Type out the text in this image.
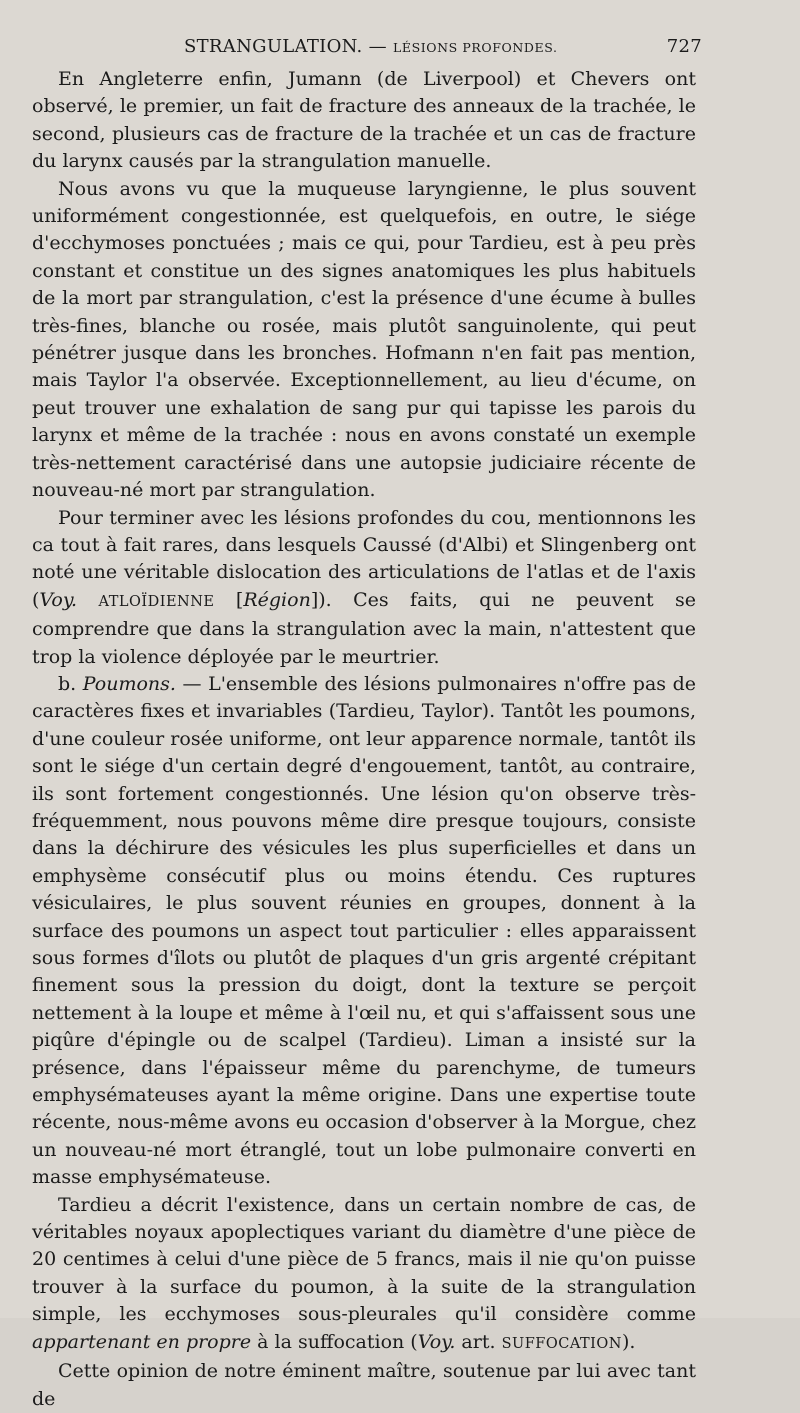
STRANGULATION. — LÉSIONS PROFONDES.	727

En Angleterre enfin, Jumann (de Liverpool) et Chevers ont observé, le premier, un fait de fracture des anneaux de la trachée, le second, plusieurs cas de fracture de la trachée et un cas de fracture du larynx causés par la strangulation manuelle.

Nous avons vu que la muqueuse laryngienne, le plus souvent uniformément congestionnée, est quelquefois, en outre, le siége d'ecchymoses ponctuées ; mais ce qui, pour Tardieu, est à peu près constant et constitue un des signes anatomiques les plus habituels de la mort par strangulation, c'est la présence d'une écume à bulles très-fines, blanche ou rosée, mais plutôt sanguinolente, qui peut pénétrer jusque dans les bronches. Hofmann n'en fait pas mention, mais Taylor l'a observée. Exceptionnellement, au lieu d'écume, on peut trouver une exhalation de sang pur qui tapisse les parois du larynx et même de la trachée : nous en avons constaté un exemple très-nettement caractérisé dans une autopsie judiciaire récente de nouveau-né mort par strangulation.

Pour terminer avec les lésions profondes du cou, mentionnons les ca tout à fait rares, dans lesquels Caussé (d'Albi) et Slingenberg ont noté une véritable dislocation des articulations de l'atlas et de l'axis (Voy. ATLOÏDIENNE [Région]). Ces faits, qui ne peuvent se comprendre que dans la strangulation avec la main, n'attestent que trop la violence déployée par le meurtrier.

b. Poumons. — L'ensemble des lésions pulmonaires n'offre pas de caractères fixes et invariables (Tardieu, Taylor). Tantôt les poumons, d'une couleur rosée uniforme, ont leur apparence normale, tantôt ils sont le siége d'un certain degré d'engouement, tantôt, au contraire, ils sont fortement congestionnés. Une lésion qu'on observe très-fréquemment, nous pouvons même dire presque toujours, consiste dans la déchirure des vésicules les plus superficielles et dans un emphysème consécutif plus ou moins étendu. Ces ruptures vésiculaires, le plus souvent réunies en groupes, donnent à la surface des poumons un aspect tout particulier : elles apparaissent sous formes d'îlots ou plutôt de plaques d'un gris argenté crépitant finement sous la pression du doigt, dont la texture se perçoit nettement à la loupe et même à l'œil nu, et qui s'affaissent sous une piqûre d'épingle ou de scalpel (Tardieu). Liman a insisté sur la présence, dans l'épaisseur même du parenchyme, de tumeurs emphysémateuses ayant la même origine. Dans une expertise toute récente, nous-même avons eu occasion d'observer à la Morgue, chez un nouveau-né mort étranglé, tout un lobe pulmonaire converti en masse emphysémateuse.

Tardieu a décrit l'existence, dans un certain nombre de cas, de véritables noyaux apoplectiques variant du diamètre d'une pièce de 20 centimes à celui d'une pièce de 5 francs, mais il nie qu'on puisse trouver à la surface du poumon, à la suite de la strangulation simple, les ecchymoses sous-pleurales qu'il considère comme appartenant en propre à la suffocation (Voy. art. SUFFOCATION).

Cette opinion de notre éminent maître, soutenue par lui avec tant de
